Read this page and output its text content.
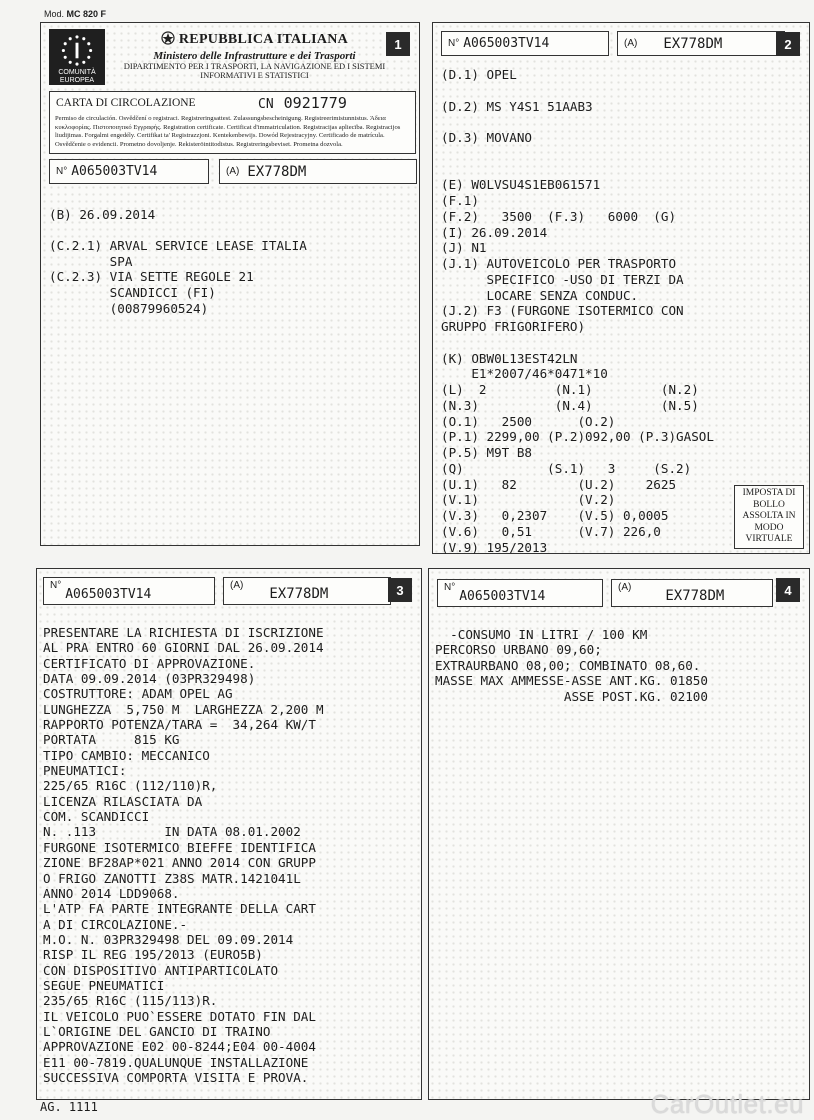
Mod. MC 820 F
COMUNITÀ EUROPEA
REPUBBLICA ITALIANA
Ministero delle Infrastrutture e dei Trasporti
DIPARTIMENTO PER I TRASPORTI, LA NAVIGAZIONE ED I SISTEMI INFORMATIVI E STATISTICI
1
CARTA DI CIRCOLAZIONE	CN 0921779
Permiso de circulación. Osvědčení o registraci. Registreringsattest. Zulassungsbescheinigung. Registreerimistunnistus. Άδεια κυκλοφορίας. Πιστοποιητικό Εγγραφής. Registration certificate. Certificat d'immatriculation. Registracijas apliecība. Registracijos liudijimas. Forgalmi engedély. Certifikat ta' Registrazzjoni. Kentekenbewijs. Dowód Rejestracyjny. Certificado de matrícula. Osvědčenie o evidencii. Prometno dovoljenje. Rekisteröintitodistus. Registreringsbeviset. Prometna dozvola.
N° A065003TV14	(A) EX778DM
(B) 26.09.2014

(C.2.1) ARVAL SERVICE LEASE ITALIA
SPA
(C.2.3) VIA SETTE REGOLE 21
SCANDICCI (FI)
(00879960524)
N° A065003TV14	(A) EX778DM	2
(D.1) OPEL

(D.2) MS Y4S1 51AAB3

(D.3) MOVANO

(E) W0LVSU4S1EB061571
(F.1)
(F.2)   3500  (F.3)   6000  (G)
(I) 26.09.2014
(J) N1
(J.1) AUTOVEICOLO PER TRASPORTO
SPECIFICO -USO DI TERZI DA
LOCARE SENZA CONDUC.
(J.2) F3 (FURGONE ISOTERMICO CON
GRUPPO FRIGORIFERO)

(K) OBW0L13EST42LN
E1*2007/46*0471*10
(L)  2         (N.1)         (N.2)
(N.3)          (N.4)         (N.5)
(O.1)   2500      (O.2)
(P.1) 2299,00 (P.2)092,00 (P.3)GASOL
(P.5) M9T B8
(Q)           (S.1)   3     (S.2)
(U.1)   82        (U.2)    2625
(V.1)             (V.2)
(V.3)   0,2307    (V.5) 0,0005
(V.6)   0,51      (V.7) 226,0
(V.9) 195/2013
IMPOSTA DI BOLLO ASSOLTA IN MODO VIRTUALE
N°
A065003TV14
(A)
EX778DM	3
PRESENTARE LA RICHIESTA DI ISCRIZIONE
AL PRA ENTRO 60 GIORNI DAL 26.09.2014
CERTIFICATO DI APPROVAZIONE.
DATA 09.09.2014 (03PR329498)
COSTRUTTORE: ADAM OPEL AG
LUNGHEZZA  5,750 M  LARGHEZZA 2,200 M
RAPPORTO POTENZA/TARA =  34,264 KW/T
PORTATA     815 KG
TIPO CAMBIO: MECCANICO
PNEUMATICI:
225/65 R16C (112/110)R,
LICENZA RILASCIATA DA
COM. SCANDICCI
N. .113         IN DATA 08.01.2002
FURGONE ISOTERMICO BIEFFE IDENTIFICA
ZIONE BF28AP*021 ANNO 2014 CON GRUPP
O FRIGO ZANOTTI Z38S MATR.1421041L
ANNO 2014 LDD9068.
L'ATP FA PARTE INTEGRANTE DELLA CART
A DI CIRCOLAZIONE.-
M.O. N. 03PR329498 DEL 09.09.2014
RISP IL REG 195/2013 (EURO5B)
CON DISPOSITIVO ANTIPARTICOLATO
SEGUE PNEUMATICI
235/65 R16C (115/113)R.
IL VEICOLO PUO`ESSERE DOTATO FIN DAL
L`ORIGINE DEL GANCIO DI TRAINO
APPROVAZIONE E02 00-8244;E04 00-4004
E11 00-7819.QUALUNQUE INSTALLAZIONE
SUCCESSIVA COMPORTA VISITA E PROVA.
N°
A065003TV14
(A)
EX778DM	4
-CONSUMO IN LITRI / 100 KM
PERCORSO URBANO 09,60;
EXTRAURBANO 08,00; COMBINATO 08,60.
MASSE MAX AMMESSE-ASSE ANT.KG. 01850
ASSE POST.KG. 02100
AG. 1111	CarOutlet.eu
